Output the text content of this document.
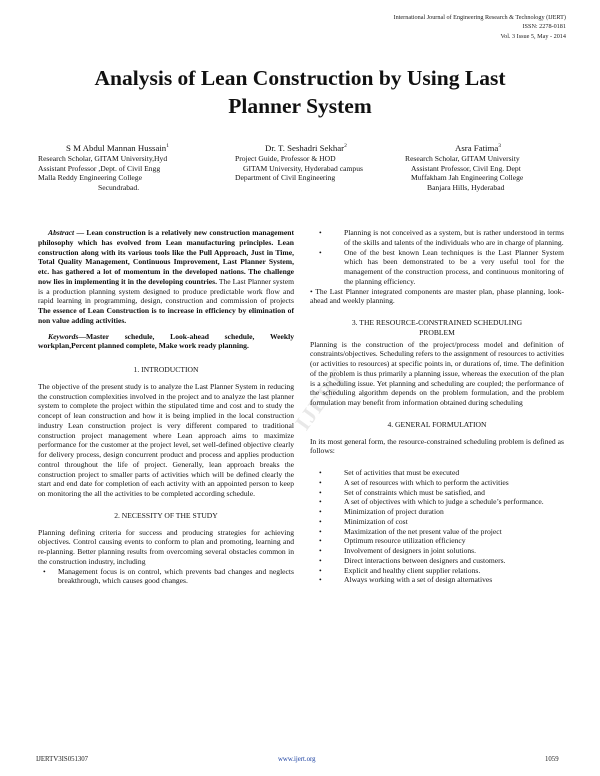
International Journal of Engineering Research & Technology (IJERT)
ISSN: 2278-0181
Vol. 3 Issue 5, May - 2014
Analysis of Lean Construction by Using Last
Planner System
S M Abdul Mannan Hussain$^1$
Research Scholar, GITAM University,Hyd
Assistant Professor ,Dept. of Civil Engg
Malla Reddy Engineering College
Secundrabad.
Dr. T. Seshadri Sekhar$^2$
Project Guide, Professor & HOD
GITAM University, Hyderabad campus
Department of Civil Engineering
Asra Fatima$^3$
Research Scholar, GITAM University
Assistant Professor, Civil Eng. Dept
Muffakham Jah Engineering College
Banjara Hills, Hyderabad
IJERT

Abstract — Lean construction is a relatively new construction management philosophy which has evolved from Lean manufacturing principles. Lean construction along with its various tools like the Pull Approach, Just in Time, Total Quality Management, Continuous Improvement, Last Planner System, etc. has gathered a lot of momentum in the developed nations. The challenge now lies in implementing it in the developing countries. The Last Planner system is a production planning system designed to produce predictable work flow and rapid learning in programming, design, construction and commission of projects The essence of Lean Construction is to increase in efficiency by elimination of non value adding activities.

Keywords—Master schedule, Look-ahead schedule, Weekly workplan,Percent planned complete, Make work ready planning.

1. INTRODUCTION

The objective of the present study is to analyze the Last Planner System in reducing the construction complexities involved in the project and to analyze the last planner system to complete the project within the stipulated time and cost and to study the concept of lean construction and how it is being implied in the local construction industry Lean construction project is very different compared to traditional construction project management where Lean approach aims to maximize performance for the customer at the project level, set well-defined objective clearly for delivery process, design concurrent product and process and applies production control throughout the life of project. Generally, lean approach breaks the construction project to smaller parts of activities which will be defined clearly the start and end date for completion of each activity with an appointed person to keep on monitoring the all the activities to be completed according schedule.

2. NECESSITY OF THE STUDY

Planning defining criteria for success and producing strategies for achieving objectives. Control causing events to conform to plan and promoting, learning and re-planning. Better planning results from overcoming several obstacles common in the construction industry, including

• Management focus is on control, which prevents bad changes and neglects breakthrough, which causes good changes.
•	Planning is not conceived as a system, but is rather understood in terms of the skills and talents of the individuals who are in charge of planning.
•	One of the best known Lean techniques is the Last Planner System which has been demonstrated to be a very useful tool for the management of the construction process, and continuous monitoring of the planning efficiency.

• The Last Planner integrated components are master plan, phase planning, look- ahead and weekly planning.

3. THE RESOURCE-CONSTRAINED SCHEDULING
PROBLEM

Planning is the construction of the project/process model and definition of constraints/objectives. Scheduling refers to the assignment of resources to activities (or activities to resources) at specific points in, or durations of, time. The definition of the problem is thus primarily a planning issue, whereas the execution of the plan is a scheduling issue. Yet planning and scheduling are coupled; the performance of the scheduling algorithm depends on the problem formulation, and the problem formulation may benefit from information obtained during scheduling

4. GENERAL FORMULATION

In its most general form, the resource-constrained scheduling problem is defined as follows:

•	Set of activities that must be executed
•	A set of resources with which to perform the activities
•	Set of constraints which must be satisfied, and
•	A set of objectives with which to judge a schedule’s performance.
•	Minimization of project duration
•	Minimization of cost
•	Maximization of the net present value of the project
•	Optimum resource utilization efficiency
•	Involvement of designers in joint solutions.
•	Direct interactions between designers and customers.
•	Explicit and healthy client supplier relations.
•	Always working with a set of design alternatives
IJERTV3IS051307	www.ijert.org	1059
